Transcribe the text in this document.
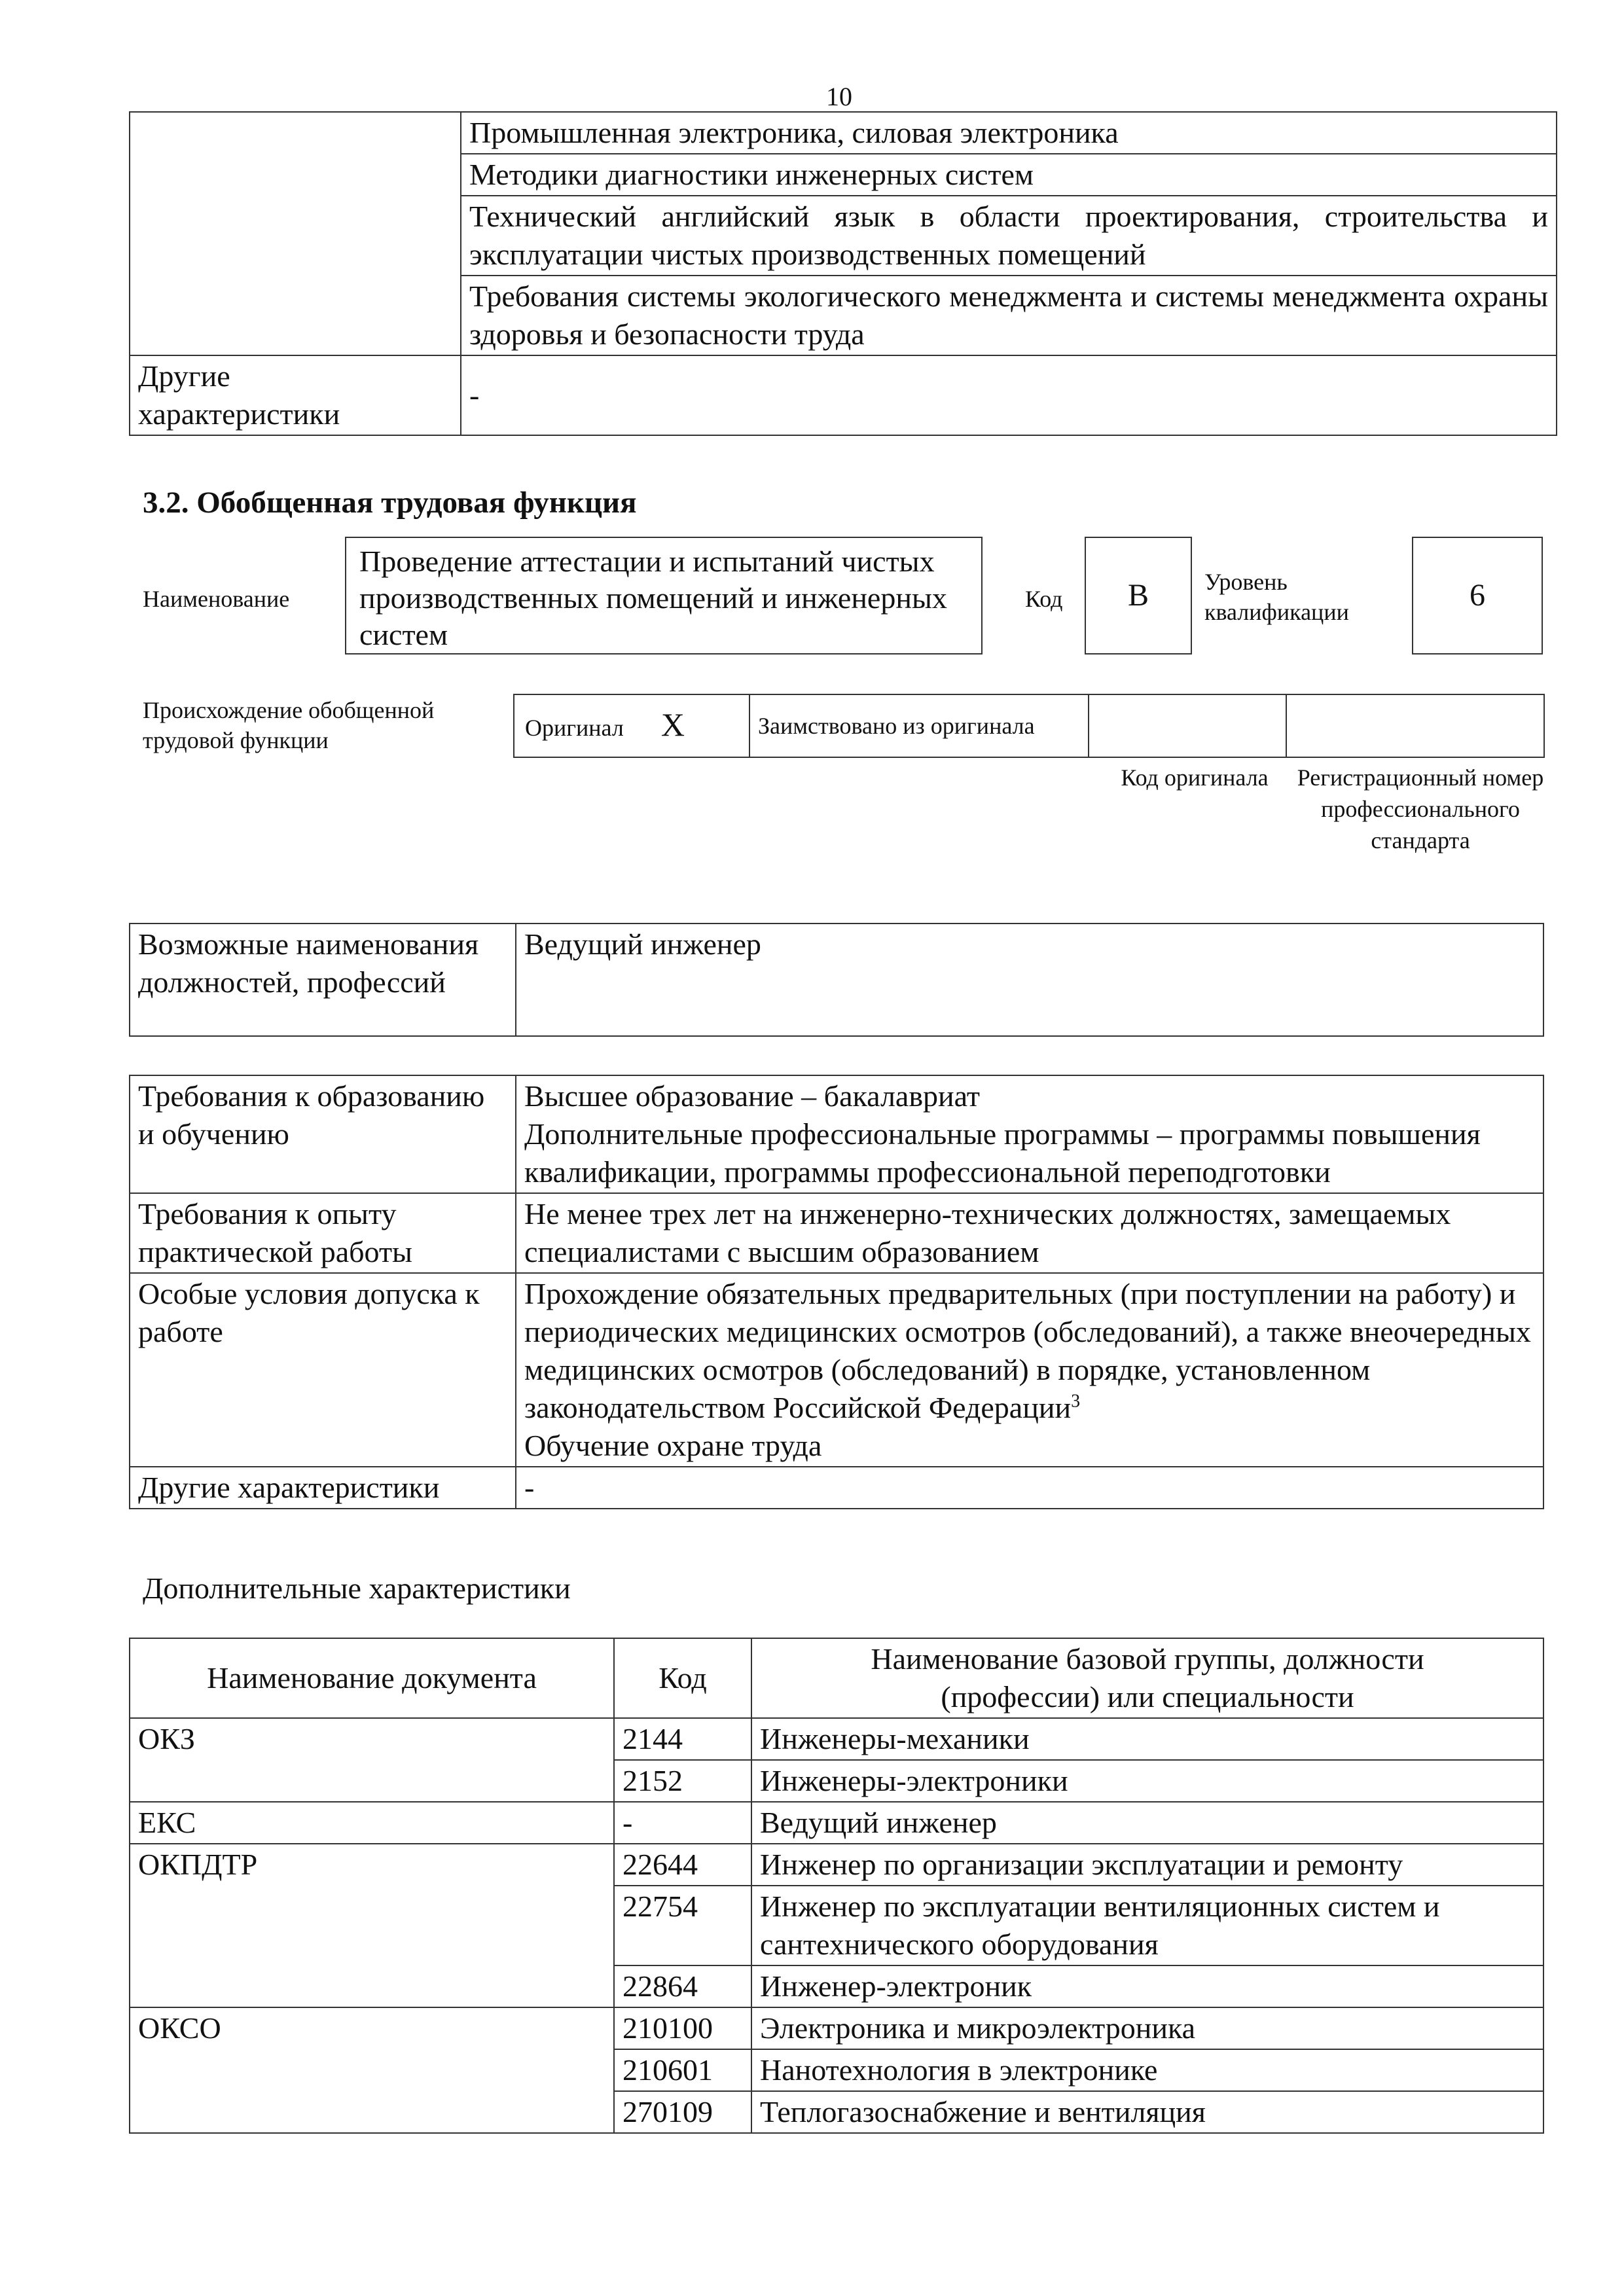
10
	Промышленная электроника, силовая электроника
	Методики диагностики инженерных систем
	Технический английский язык в области проектирования, строительства и эксплуатации чистых производственных помещений
	Требования системы экологического менеджмента и системы менеджмента охраны здоровья и безопасности труда
Другие характеристики	-
3.2. Обобщенная трудовая функция
Наименование
Проведение аттестации и испытаний чистых производственных помещений и инженерных систем
Код	B	Уровень квалификации	6
Происхождение обобщенной трудовой функции	Оригинал X	Заимствовано из оригинала		
Код оригинала	Регистрационный номер профессионального стандарта
Возможные наименования должностей, профессий	Ведущий инженер
Требования к образованию и обучению	Высшее образование – бакалавриат
Дополнительные профессиональные программы – программы повышения квалификации, программы профессиональной переподготовки

Требования к опыту практической работы	Не менее трех лет на инженерно-технических должностях, замещаемых специалистами с высшим образованием

Особые условия допуска к работе	Прохождение обязательных предварительных (при поступлении на работу) и периодических медицинских осмотров (обследований), а также внеочередных медицинских осмотров (обследований) в порядке, установленном законодательством Российской Федерации$^3$
Обучение охране труда

Другие характеристики	-
Дополнительные характеристики
Наименование документа	Код	Наименование базовой группы, должности (профессии) или специальности
ОКЗ	2144	Инженеры-механики
	2152	Инженеры-электроники
ЕКС	-	Ведущий инженер
ОКПДТР	22644	Инженер по организации эксплуатации и ремонту
	22754	Инженер по эксплуатации вентиляционных систем и сантехнического оборудования
	22864	Инженер-электроник
ОКСО	210100	Электроника и микроэлектроника
	210601	Нанотехнология в электронике
	270109	Теплогазоснабжение и вентиляция
